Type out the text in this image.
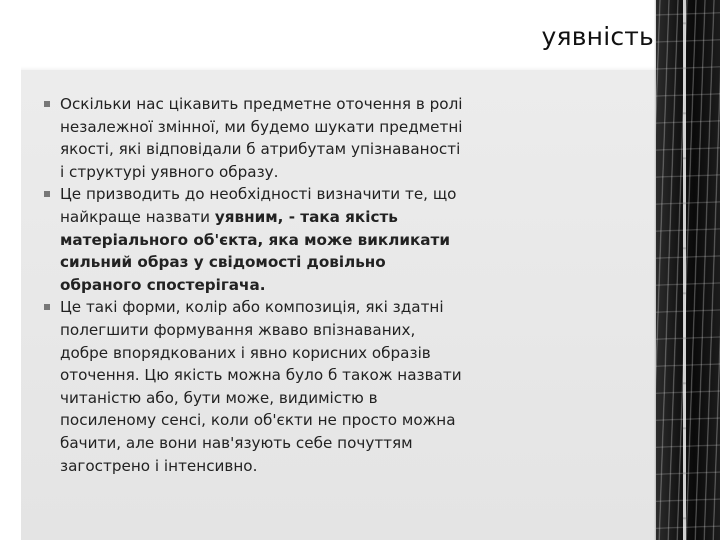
уявність
Оскільки нас цікавить предметне оточення в ролі незалежної змінної, ми будемо шукати предметні якості, які відповідали б атрибутам упізнаваності і структурі уявного образу.
Це призводить до необхідності визначити те, що найкраще назвати уявним, - така якість матеріального об'єкта, яка може викликати сильний образ у свідомості довільно обраного спостерігача.
Це такі форми, колір або композиція, які здатні полегшити формування жваво впізнаваних, добре впорядкованих і явно корисних образів оточення. Цю якість можна було б також назвати читаністю або, бути може, видимістю в посиленому сенсі, коли об'єкти не просто можна бачити, але вони нав'язують себе почуттям загострено і інтенсивно.
